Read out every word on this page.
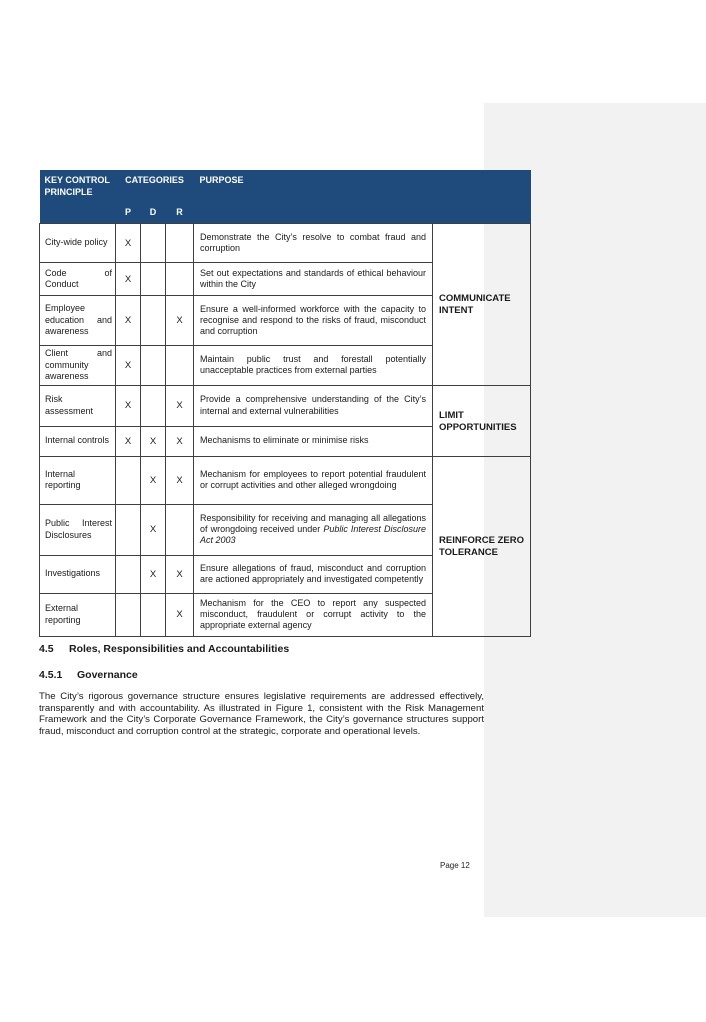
KEY CONTROL PRINCIPLE	CATEGORIES			PURPOSE	
	P	D	R		
City-wide policy	X			Demonstrate the City’s resolve to combat fraud and corruption	COMMUNICATE INTENT
Code of Conduct	X			Set out expectations and standards of ethical behaviour within the City	
Employee education and awareness	X		X	Ensure a well-informed workforce with the capacity to recognise and respond to the risks of fraud, misconduct and corruption	
Client and community awareness	X			Maintain public trust and forestall potentially unacceptable practices from external parties	
Risk assessment	X		X	Provide a comprehensive understanding of the City’s internal and external vulnerabilities	LIMIT OPPORTUNITIES
Internal controls	X	X	X	Mechanisms to eliminate or minimise risks	
Internal reporting		X	X	Mechanism for employees to report potential fraudulent or corrupt activities and other alleged wrongdoing	REINFORCE ZERO TOLERANCE
Public Interest Disclosures		X		Responsibility for receiving and managing all allegations of wrongdoing received under Public Interest Disclosure Act 2003	
Investigations		X	X	Ensure allegations of fraud, misconduct and corruption are actioned appropriately and investigated competently	
External reporting			X	Mechanism for the CEO to report any suspected misconduct, fraudulent or corrupt activity to the appropriate external agency	
4.5 Roles, Responsibilities and Accountabilities
4.5.1 Governance
The City’s rigorous governance structure ensures legislative requirements are addressed effectively, transparently and with accountability. As illustrated in Figure 1, consistent with the Risk Management Framework and the City’s Corporate Governance Framework, the City’s governance structures support fraud, misconduct and corruption control at the strategic, corporate and operational levels.
Page 12
